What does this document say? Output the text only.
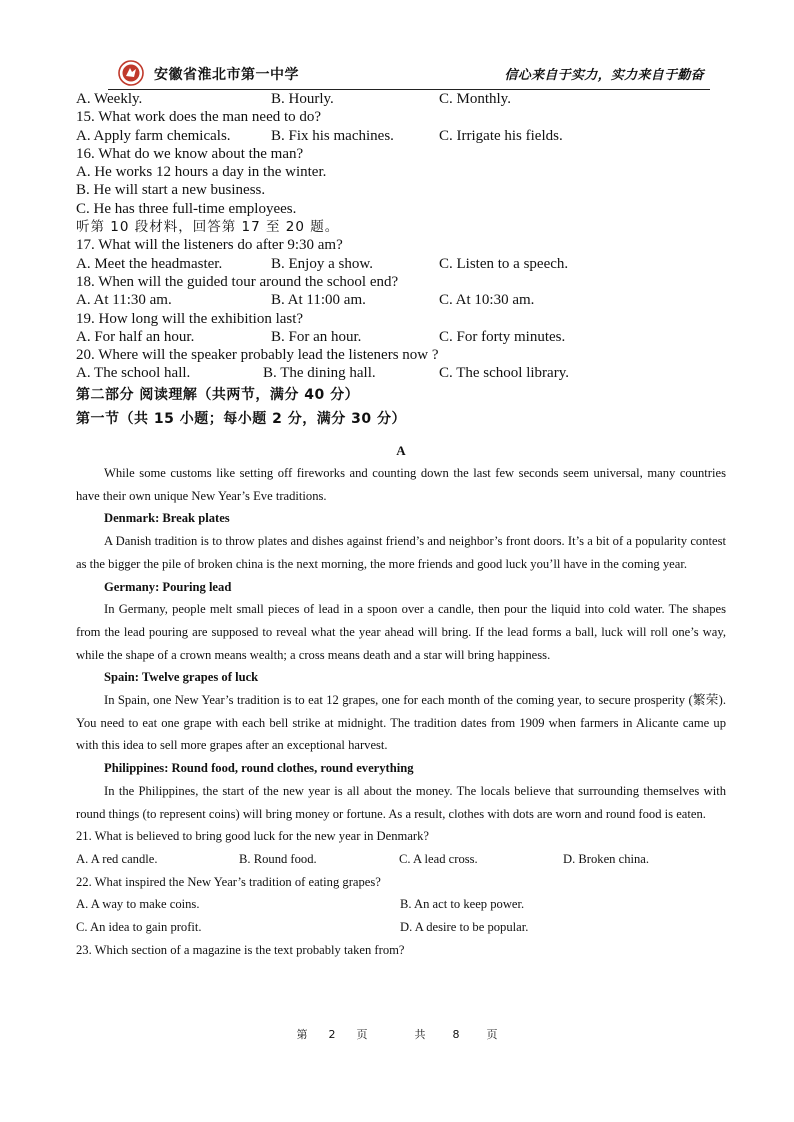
安徽省淮北市第一中学	信心来自于实力，实力来自于勤奋
A. Weekly.	B. Hourly.	C. Monthly.
15. What work does the man need to do?
A. Apply farm chemicals.	B. Fix his machines.	C. Irrigate his fields.
16. What do we know about the man?
A. He works 12 hours a day in the winter.
B. He will start a new business.
C. He has three full-time employees.
听第 10 段材料，回答第 17 至 20 题。
17. What will the listeners do after 9:30 am?
A. Meet the headmaster.	B. Enjoy a show.	C. Listen to a speech.
18. When will the guided tour around the school end?
A. At 11:30 am.	B. At 11:00 am.	C. At 10:30 am.
19. How long will the exhibition last?
A. For half an hour.	B. For an hour.	C. For forty minutes.
20. Where will the speaker probably lead the listeners now ?
A. The school hall.	B. The dining hall.	C. The school library.
第二部分 阅读理解（共两节，满分 40 分）
第一节（共 15 小题；每小题 2 分，满分 30 分）
A

While some customs like setting off fireworks and counting down the last few seconds seem universal, many countries have their own unique New Year’s Eve traditions.

Denmark: Break plates

A Danish tradition is to throw plates and dishes against friend’s and neighbor’s front doors. It’s a bit of a popularity contest as the bigger the pile of broken china is the next morning, the more friends and good luck you’ll have in the coming year.

Germany: Pouring lead

In Germany, people melt small pieces of lead in a spoon over a candle, then pour the liquid into cold water. The shapes from the lead pouring are supposed to reveal what the year ahead will bring. If the lead forms a ball, luck will roll one’s way, while the shape of a crown means wealth; a cross means death and a star will bring happiness.

Spain: Twelve grapes of luck

In Spain, one New Year’s tradition is to eat 12 grapes, one for each month of the coming year, to secure prosperity (繁荣). You need to eat one grape with each bell strike at midnight. The tradition dates from 1909 when farmers in Alicante came up with this idea to sell more grapes after an exceptional harvest.

Philippines: Round food, round clothes, round everything

In the Philippines, the start of the new year is all about the money. The locals believe that surrounding themselves with round things (to represent coins) will bring money or fortune. As a result, clothes with dots are worn and round food is eaten.

21. What is believed to bring good luck for the new year in Denmark?
A. A red candle.	B. Round food.	C. A lead cross.	D. Broken china.
22. What inspired the New Year’s tradition of eating grapes?
A. A way to make coins.	B. An act to keep power.
C. An idea to gain profit.	D. A desire to be popular.
23. Which section of a magazine is the text probably taken from?
第 2 页	共 8 页
